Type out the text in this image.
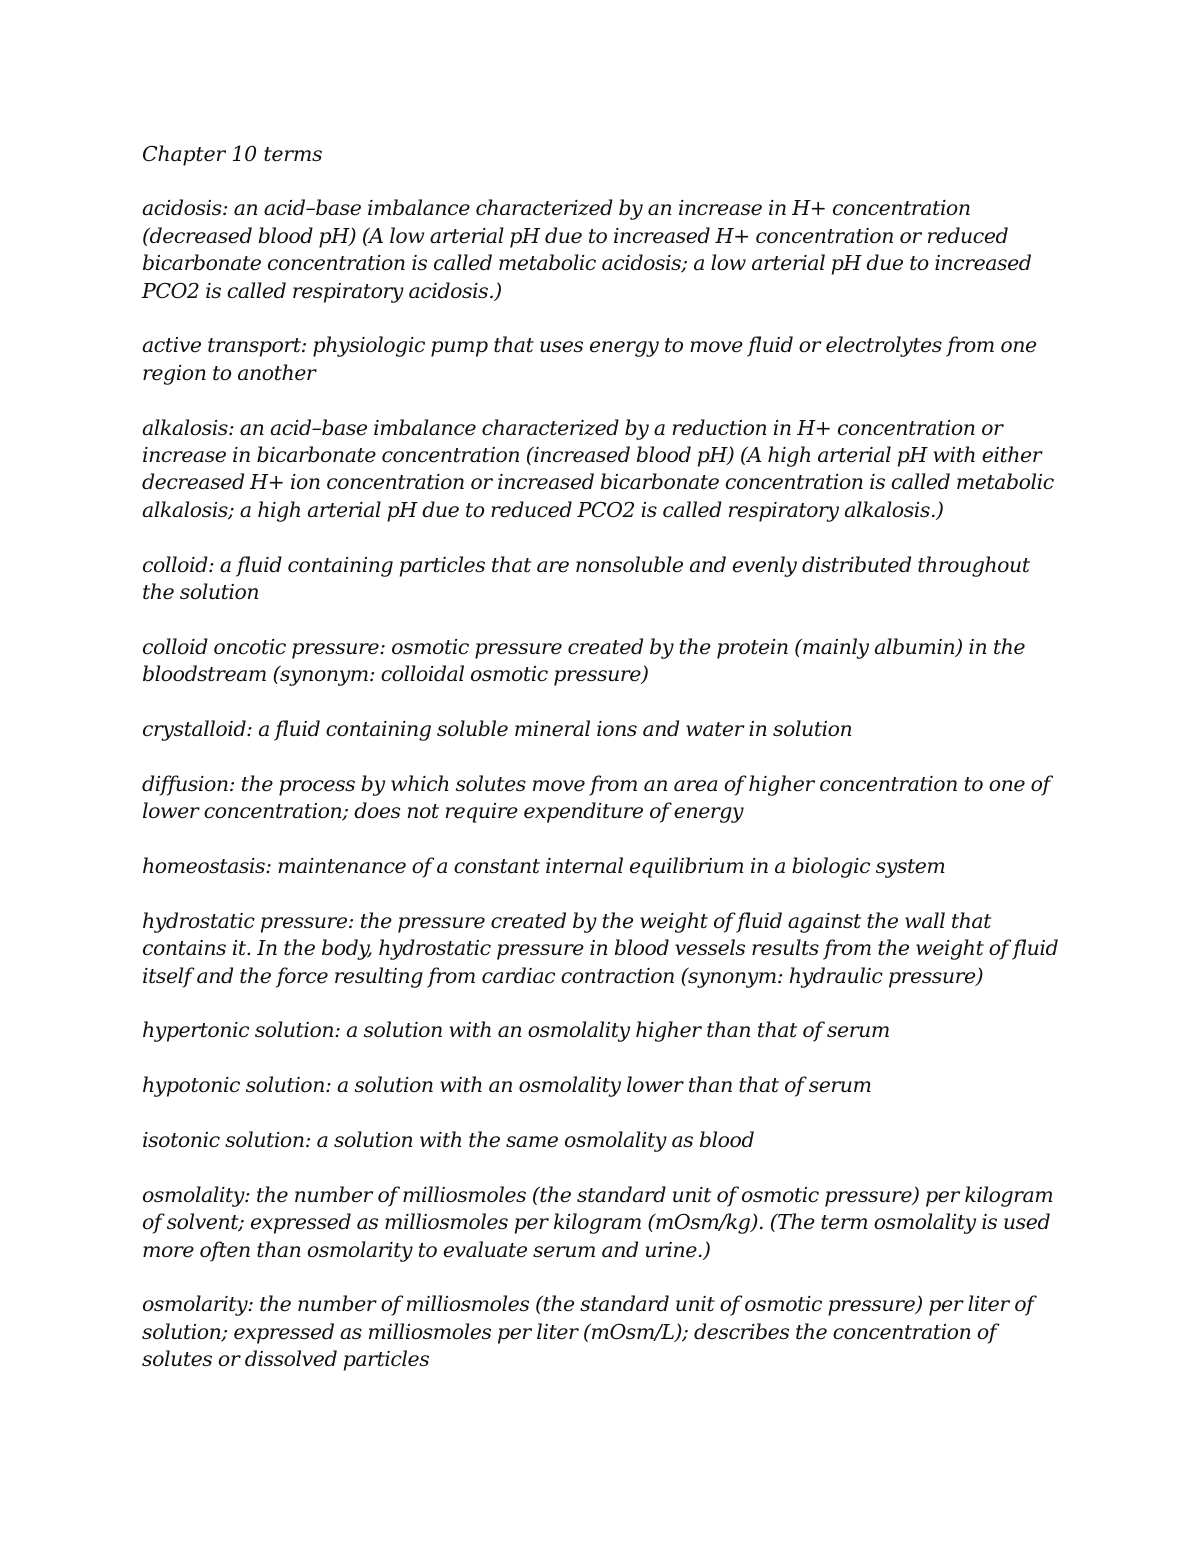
Chapter 10 terms

acidosis: an acid–base imbalance characterized by an increase in H+ concentration (decreased blood pH) (A low arterial pH due to increased H+ concentration or reduced bicarbonate concentration is called metabolic acidosis; a low arterial pH due to increased PCO2 is called respiratory acidosis.)

active transport: physiologic pump that uses energy to move fluid or electrolytes from one region to another

alkalosis: an acid–base imbalance characterized by a reduction in H+ concentration or increase in bicarbonate concentration (increased blood pH) (A high arterial pH with either decreased H+ ion concentration or increased bicarbonate concentration is called metabolic alkalosis; a high arterial pH due to reduced PCO2 is called respiratory alkalosis.)

colloid: a fluid containing particles that are nonsoluble and evenly distributed throughout the solution

colloid oncotic pressure: osmotic pressure created by the protein (mainly albumin) in the bloodstream (synonym: colloidal osmotic pressure)

crystalloid: a fluid containing soluble mineral ions and water in solution

diffusion: the process by which solutes move from an area of higher concentration to one of lower concentration; does not require expenditure of energy

homeostasis: maintenance of a constant internal equilibrium in a biologic system

hydrostatic pressure: the pressure created by the weight of fluid against the wall that contains it. In the body, hydrostatic pressure in blood vessels results from the weight of fluid itself and the force resulting from cardiac contraction (synonym: hydraulic pressure)

hypertonic solution: a solution with an osmolality higher than that of serum

hypotonic solution: a solution with an osmolality lower than that of serum

isotonic solution: a solution with the same osmolality as blood

osmolality: the number of milliosmoles (the standard unit of osmotic pressure) per kilogram of solvent; expressed as milliosmoles per kilogram (mOsm/kg). (The term osmolality is used more often than osmolarity to evaluate serum and urine.)

osmolarity: the number of milliosmoles (the standard unit of osmotic pressure) per liter of solution; expressed as milliosmoles per liter (mOsm/L); describes the concentration of solutes or dissolved particles
